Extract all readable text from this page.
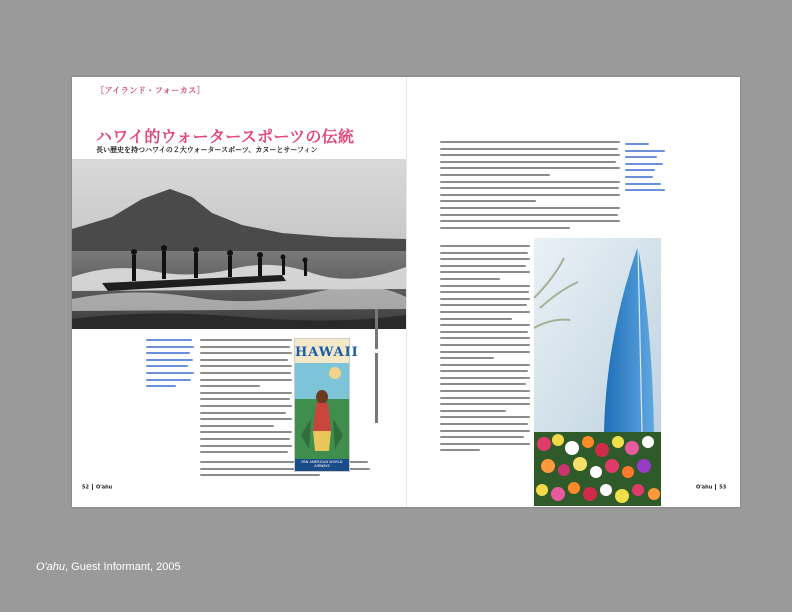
［アイランド・フォーカス］
ハワイ的ウォータースポーツの伝統
長い歴史を持つハワイの２大ウォータースポーツ、カヌーとサーフィン
HAWAII
PAN AMERICAN WORLD AIRWAYS
52 O'ahu	O'ahu 53
O'ahu, Guest Informant, 2005
